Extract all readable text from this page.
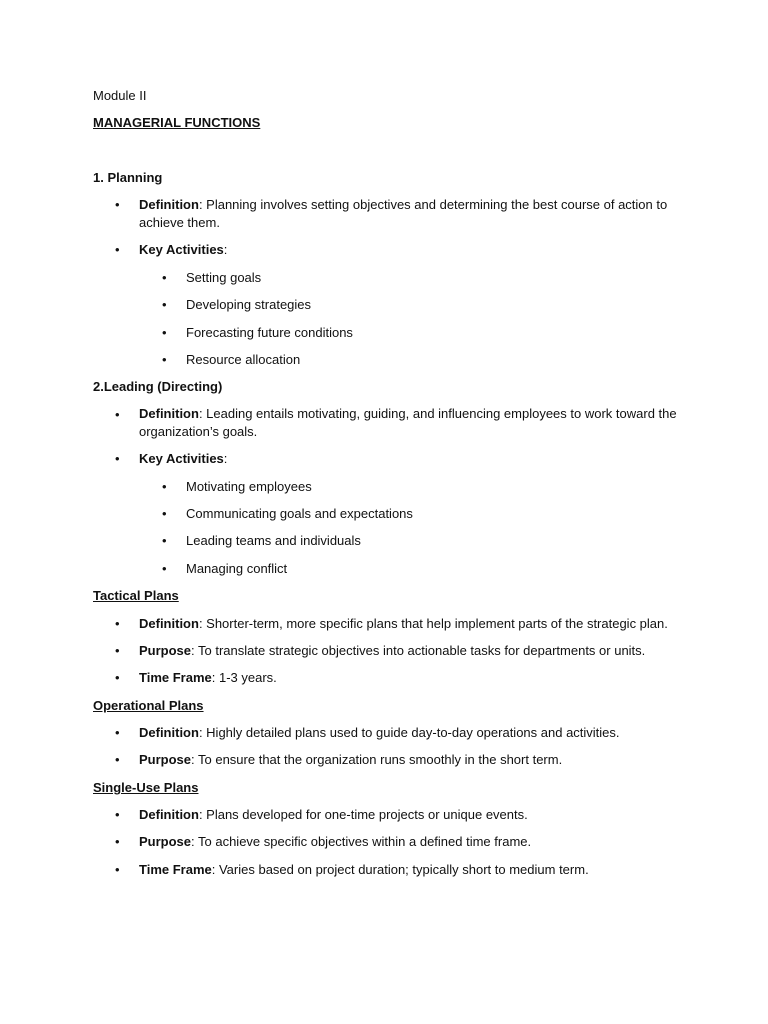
Module II
MANAGERIAL FUNCTIONS
1. Planning
• Definition: Planning involves setting objectives and determining the best course of action to achieve them.
• Key Activities:
• Setting goals
• Developing strategies
• Forecasting future conditions
• Resource allocation
2.Leading (Directing)
• Definition: Leading entails motivating, guiding, and influencing employees to work toward the organization’s goals.
• Key Activities:
• Motivating employees
• Communicating goals and expectations
• Leading teams and individuals
• Managing conflict
Tactical Plans
• Definition: Shorter-term, more specific plans that help implement parts of the strategic plan.
• Purpose: To translate strategic objectives into actionable tasks for departments or units.
• Time Frame: 1-3 years.
Operational Plans
• Definition: Highly detailed plans used to guide day-to-day operations and activities.
• Purpose: To ensure that the organization runs smoothly in the short term.
Single-Use Plans
• Definition: Plans developed for one-time projects or unique events.
• Purpose: To achieve specific objectives within a defined time frame.
• Time Frame: Varies based on project duration; typically short to medium term.
